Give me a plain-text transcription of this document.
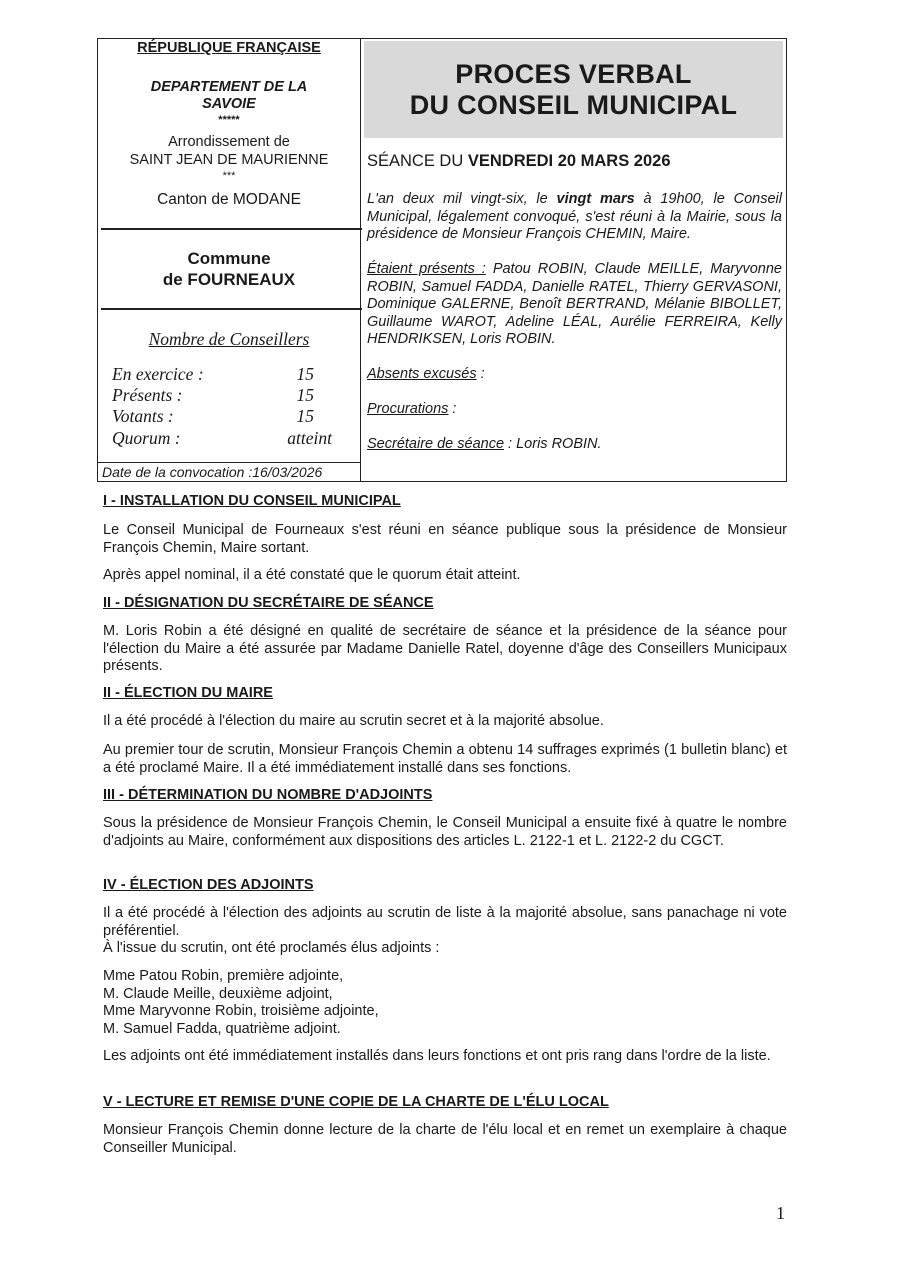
RÉPUBLIQUE FRANÇAISE
DEPARTEMENT DE LA
SAVOIE
*****
Arrondissement de
SAINT JEAN DE MAURIENNE
***
Canton de MODANE
Commune
de FOURNEAUX
Nombre de Conseillers
En exercice :	15
Présents :	15
Votants :	15
Quorum :	atteint
Date de la convocation :16/03/2026
PROCES VERBAL
DU CONSEIL MUNICIPAL
SÉANCE DU VENDREDI 20 MARS 2026
L'an deux mil vingt-six, le vingt mars à 19h00, le Conseil Municipal, légalement convoqué, s'est réuni à la Mairie, sous la présidence de Monsieur François CHEMIN, Maire.
Étaient présents : Patou ROBIN, Claude MEILLE, Maryvonne ROBIN, Samuel FADDA, Danielle RATEL, Thierry GERVASONI, Dominique GALERNE, Benoît BERTRAND, Mélanie BIBOLLET, Guillaume WAROT, Adeline LÉAL, Aurélie FERREIRA, Kelly HENDRIKSEN, Loris ROBIN.
Absents excusés :
Procurations :
Secrétaire de séance : Loris ROBIN.
I - INSTALLATION DU CONSEIL MUNICIPAL
Le Conseil Municipal de Fourneaux s'est réuni en séance publique sous la présidence de Monsieur François Chemin, Maire sortant.
Après appel nominal, il a été constaté que le quorum était atteint.
II - DÉSIGNATION DU SECRÉTAIRE DE SÉANCE
M. Loris Robin a été désigné en qualité de secrétaire de séance et la présidence de la séance pour l'élection du Maire a été assurée par Madame Danielle Ratel, doyenne d'âge des Conseillers Municipaux présents.
II - ÉLECTION DU MAIRE
Il a été procédé à l'élection du maire au scrutin secret et à la majorité absolue.
Au premier tour de scrutin, Monsieur François Chemin a obtenu 14 suffrages exprimés (1 bulletin blanc) et a été proclamé Maire. Il a été immédiatement installé dans ses fonctions.
III - DÉTERMINATION DU NOMBRE D'ADJOINTS
Sous la présidence de Monsieur François Chemin, le Conseil Municipal a ensuite fixé à quatre le nombre d'adjoints au Maire, conformément aux dispositions des articles L. 2122-1 et L. 2122-2 du CGCT.
IV - ÉLECTION DES ADJOINTS
Il a été procédé à l'élection des adjoints au scrutin de liste à la majorité absolue, sans panachage ni vote préférentiel.
À l'issue du scrutin, ont été proclamés élus adjoints :
Mme Patou Robin, première adjointe,
M. Claude Meille, deuxième adjoint,
Mme Maryvonne Robin, troisième adjointe,
M. Samuel Fadda, quatrième adjoint.
Les adjoints ont été immédiatement installés dans leurs fonctions et ont pris rang dans l'ordre de la liste.
V - LECTURE ET REMISE D'UNE COPIE DE LA CHARTE DE L'ÉLU LOCAL
Monsieur François Chemin donne lecture de la charte de l'élu local et en remet un exemplaire à chaque Conseiller Municipal.
1
